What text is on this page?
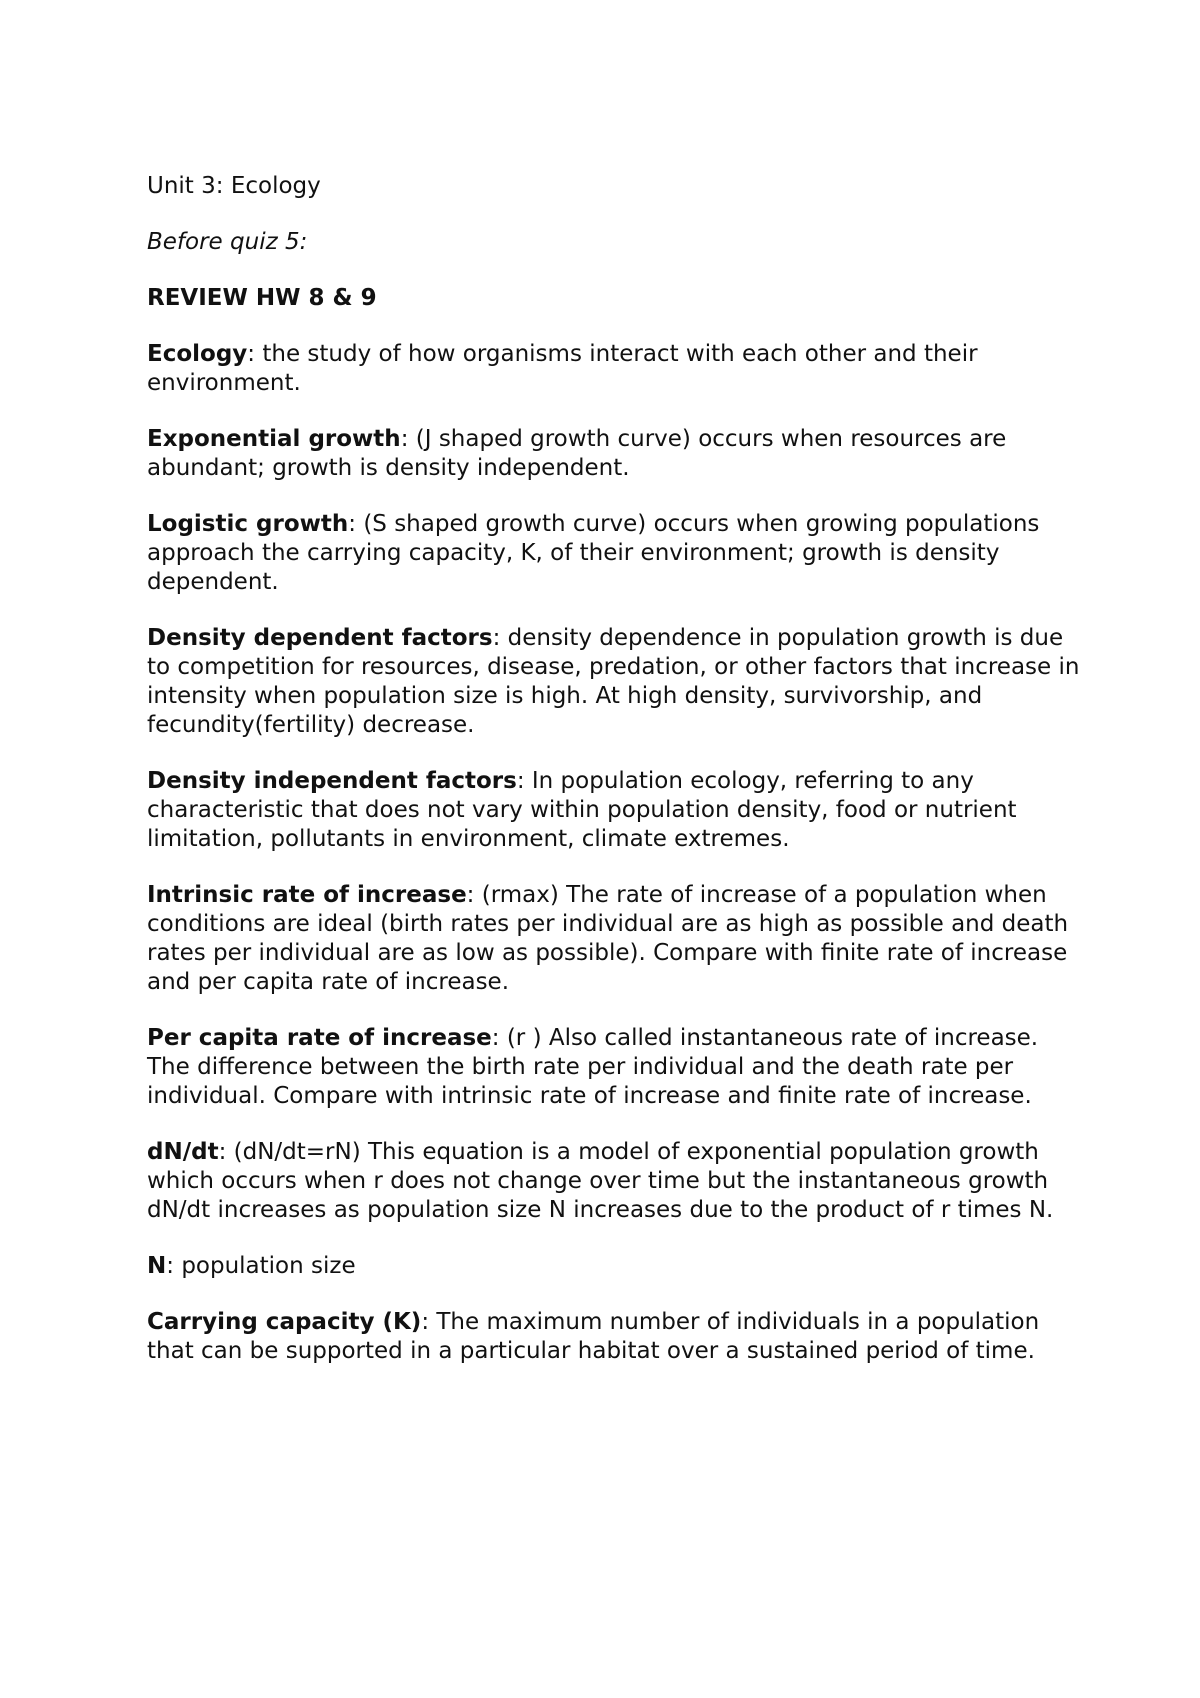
Unit 3: Ecology

Before quiz 5:

REVIEW HW 8 & 9

Ecology: the study of how organisms interact with each other and their environment.

Exponential growth: (J shaped growth curve) occurs when resources are abundant; growth is density independent.

Logistic growth: (S shaped growth curve) occurs when growing populations approach the carrying capacity, K, of their environment; growth is density dependent.

Density dependent factors: density dependence in population growth is due to competition for resources, disease, predation, or other factors that increase in intensity when population size is high. At high density, survivorship, and fecundity(fertility) decrease.

Density independent factors: In population ecology, referring to any characteristic that does not vary within population density, food or nutrient limitation, pollutants in environment, climate extremes.

Intrinsic rate of increase: (rmax) The rate of increase of a population when conditions are ideal (birth rates per individual are as high as possible and death rates per individual are as low as possible). Compare with finite rate of increase and per capita rate of increase.

Per capita rate of increase: (r ) Also called instantaneous rate of increase. The difference between the birth rate per individual and the death rate per individual. Compare with intrinsic rate of increase and finite rate of increase.

dN/dt: (dN/dt=rN) This equation is a model of exponential population growth which occurs when r does not change over time but the instantaneous growth dN/dt increases as population size N increases due to the product of r times N.

N: population size

Carrying capacity (K): The maximum number of individuals in a population that can be supported in a particular habitat over a sustained period of time.
